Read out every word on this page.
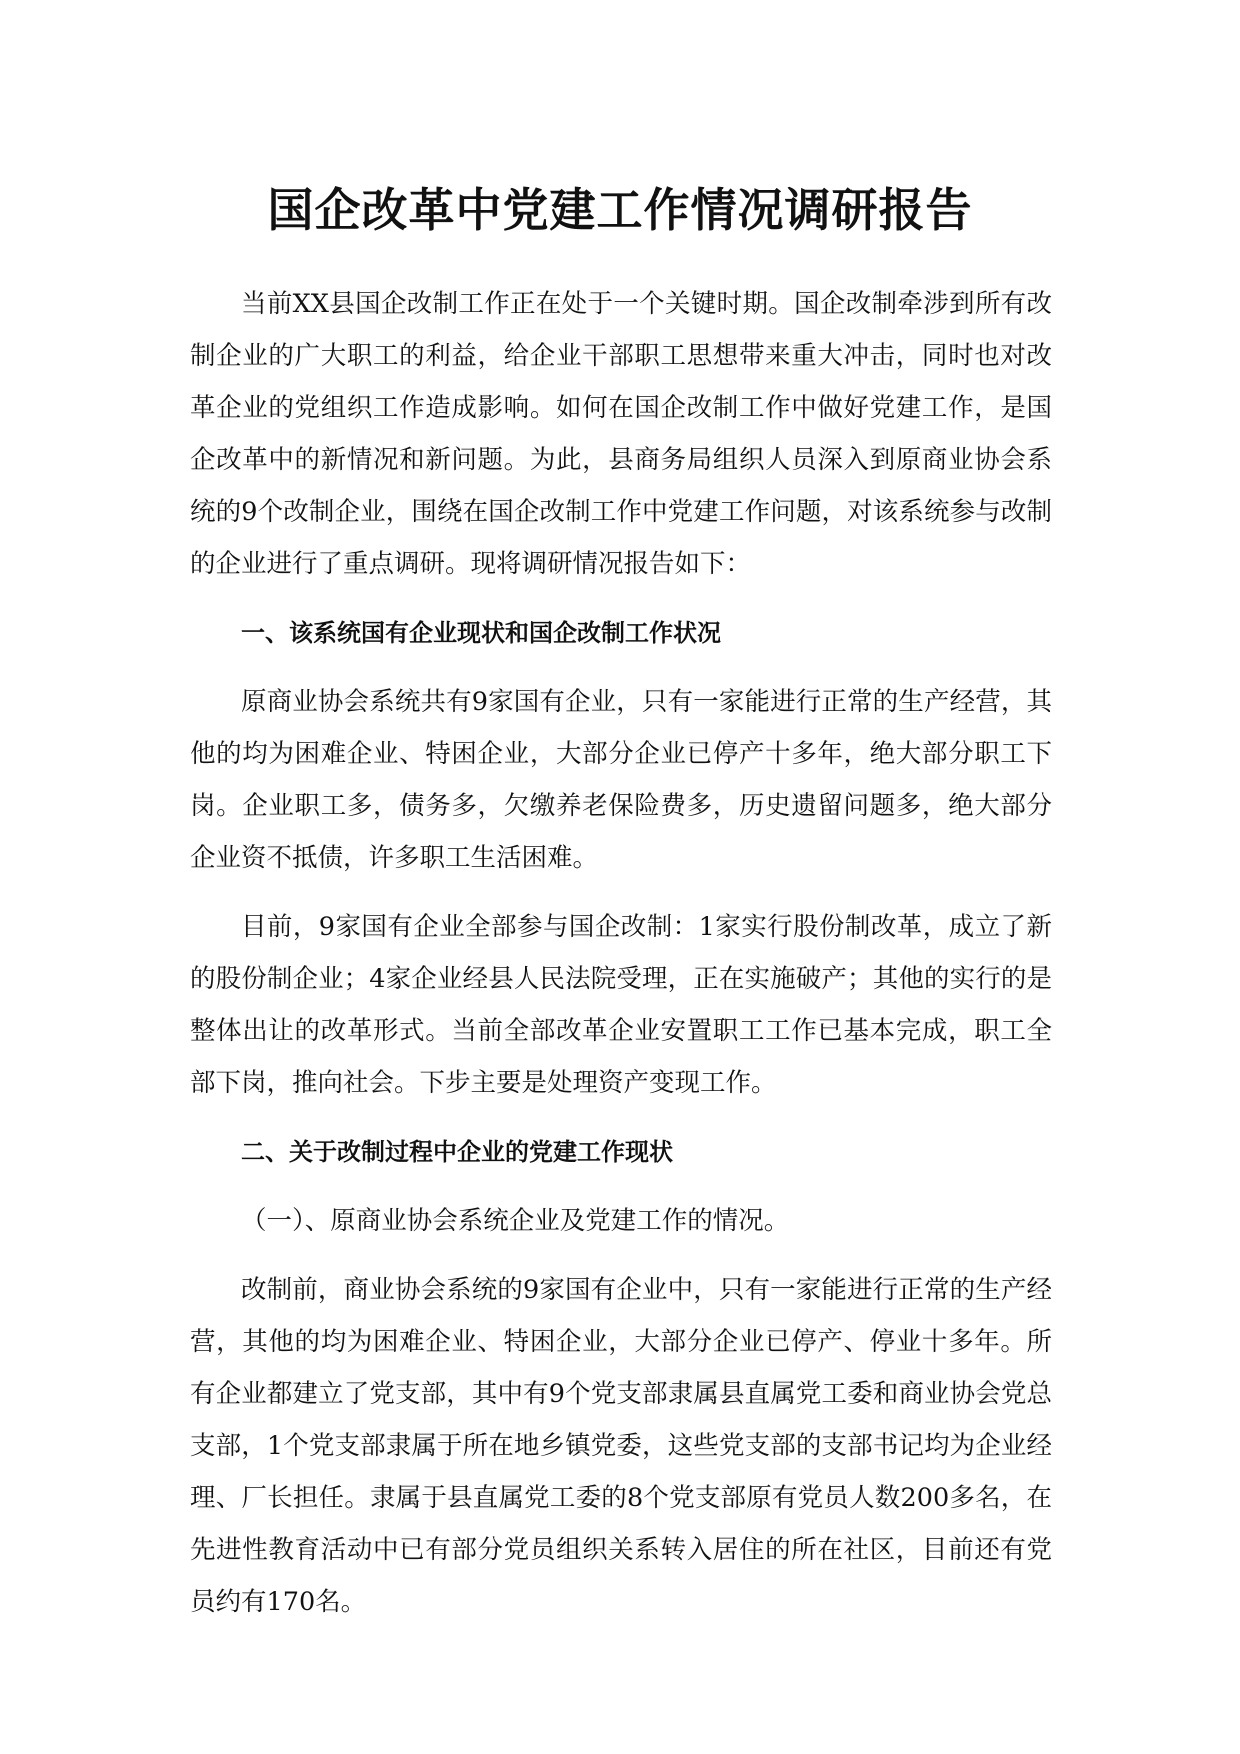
国企改革中党建工作情况调研报告

当前XX县国企改制工作正在处于一个关键时期。国企改制牵涉到所有改制企业的广大职工的利益，给企业干部职工思想带来重大冲击，同时也对改革企业的党组织工作造成影响。如何在国企改制工作中做好党建工作，是国企改革中的新情况和新问题。为此，县商务局组织人员深入到原商业协会系统的9个改制企业，围绕在国企改制工作中党建工作问题，对该系统参与改制的企业进行了重点调研。现将调研情况报告如下：

一、该系统国有企业现状和国企改制工作状况

原商业协会系统共有9家国有企业，只有一家能进行正常的生产经营，其他的均为困难企业、特困企业，大部分企业已停产十多年，绝大部分职工下岗。企业职工多，债务多，欠缴养老保险费多，历史遗留问题多，绝大部分企业资不抵债，许多职工生活困难。

目前，9家国有企业全部参与国企改制：1家实行股份制改革，成立了新的股份制企业；4家企业经县人民法院受理，正在实施破产；其他的实行的是整体出让的改革形式。当前全部改革企业安置职工工作已基本完成，职工全部下岗，推向社会。下步主要是处理资产变现工作。

二、关于改制过程中企业的党建工作现状
（一）、原商业协会系统企业及党建工作的情况。

改制前，商业协会系统的9家国有企业中，只有一家能进行正常的生产经营，其他的均为困难企业、特困企业，大部分企业已停产、停业十多年。所有企业都建立了党支部，其中有9个党支部隶属县直属党工委和商业协会党总支部，1个党支部隶属于所在地乡镇党委，这些党支部的支部书记均为企业经理、厂长担任。隶属于县直属党工委的8个党支部原有党员人数200多名，在先进性教育活动中已有部分党员组织关系转入居住的所在社区，目前还有党员约有170名。
